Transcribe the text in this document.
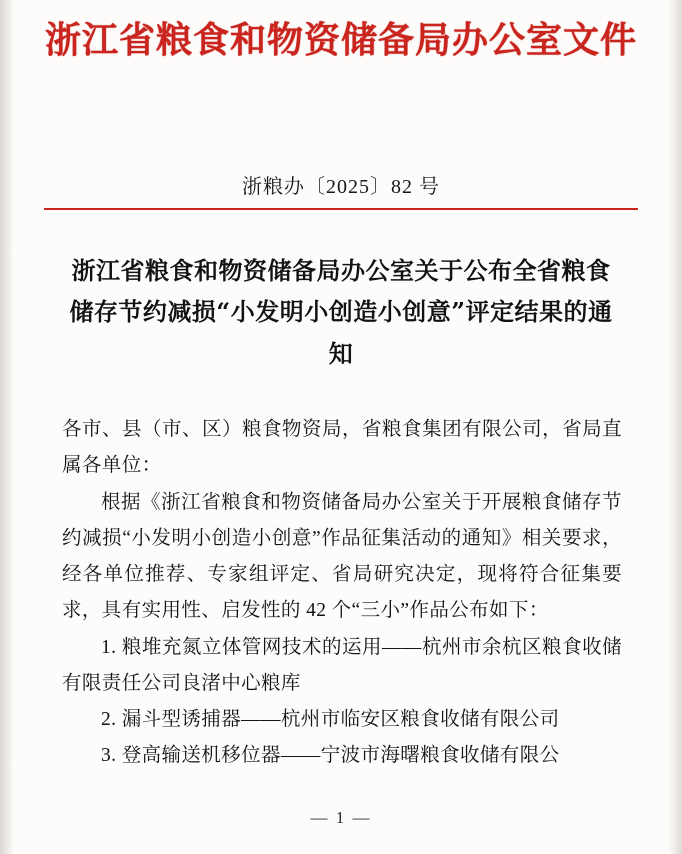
浙江省粮食和物资储备局办公室文件
浙粮办〔2025〕82 号
浙江省粮食和物资储备局办公室关于公布全省粮食储存节约减损“小发明小创造小创意”评定结果的通知

各市、县（市、区）粮食物资局，省粮食集团有限公司，省局直属各单位：

根据《浙江省粮食和物资储备局办公室关于开展粮食储存节约减损“小发明小创造小创意”作品征集活动的通知》相关要求，经各单位推荐、专家组评定、省局研究决定，现将符合征集要求，具有实用性、启发性的 42 个“三小”作品公布如下：

1. 粮堆充氮立体管网技术的运用——杭州市余杭区粮食收储有限责任公司良渚中心粮库

2. 漏斗型诱捕器——杭州市临安区粮食收储有限公司

3. 登高输送机移位器——宁波市海曙粮食收储有限公

— 1 —
